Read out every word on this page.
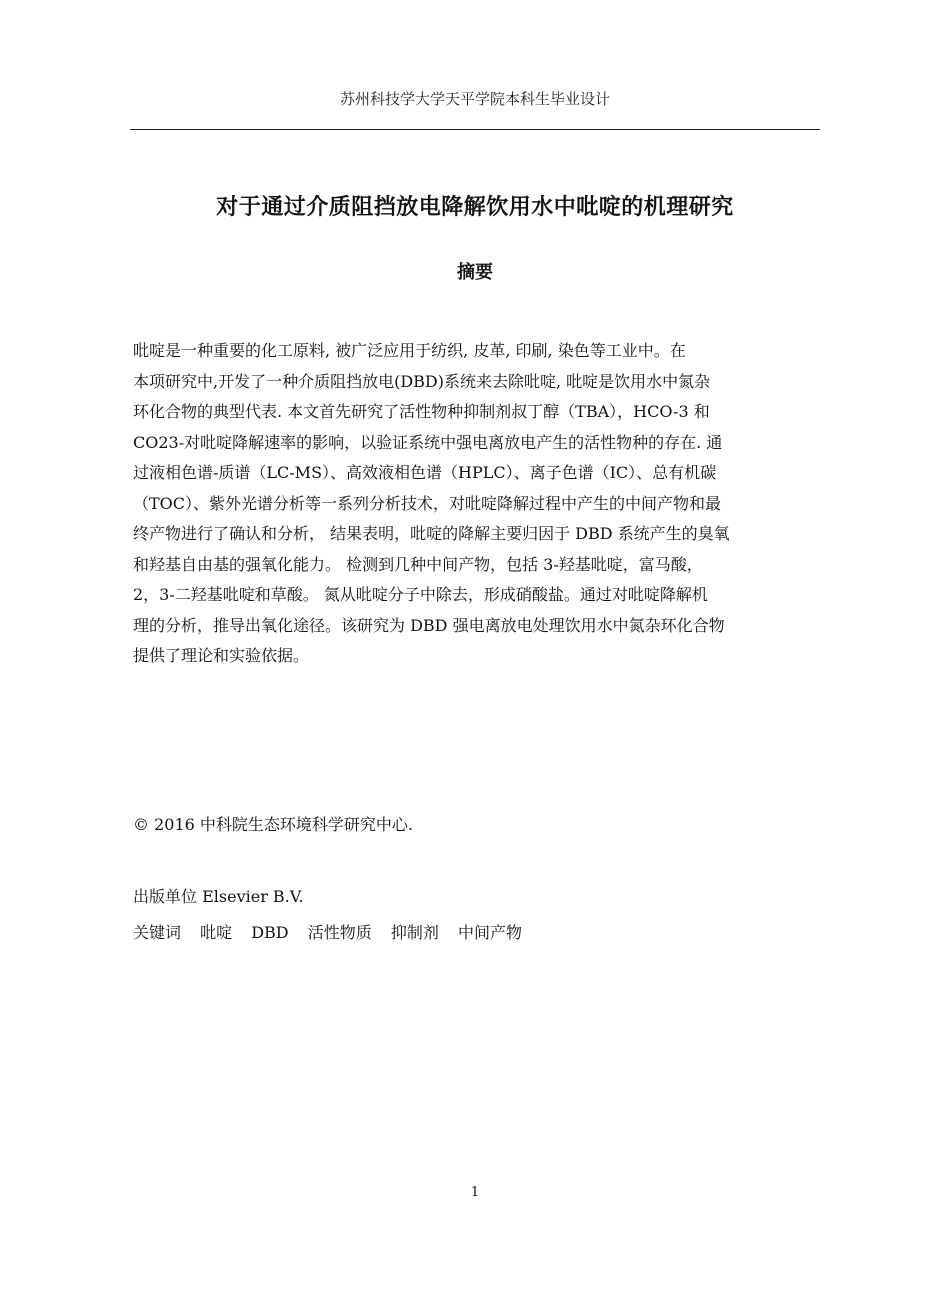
苏州科技学大学天平学院本科生毕业设计
对于通过介质阻挡放电降解饮用水中吡啶的机理研究
摘要

吡啶是一种重要的化工原料, 被广泛应用于纺织, 皮革, 印刷, 染色等工业中。在
本项研究中,开发了一种介质阻挡放电(DBD)系统来去除吡啶, 吡啶是饮用水中氮杂
环化合物的典型代表. 本文首先研究了活性物种抑制剂叔丁醇（TBA），HCO-3 和
CO23-对吡啶降解速率的影响，以验证系统中强电离放电产生的活性物种的存在. 通
过液相色谱-质谱（LC-MS）、高效液相色谱（HPLC）、离子色谱（IC）、总有机碳
（TOC）、紫外光谱分析等一系列分析技术，对吡啶降解过程中产生的中间产物和最
终产物进行了确认和分析， 结果表明，吡啶的降解主要归因于 DBD 系统产生的臭氧
和羟基自由基的强氧化能力。 检测到几种中间产物，包括 3-羟基吡啶，富马酸，
2，3-二羟基吡啶和草酸。 氮从吡啶分子中除去，形成硝酸盐。通过对吡啶降解机
理的分析，推导出氧化途径。该研究为 DBD 强电离放电处理饮用水中氮杂环化合物
提供了理论和实验依据。

© 2016 中科院生态环境科学研究中心.
出版单位 Elsevier B.V.
关键词 吡啶 DBD 活性物质 抑制剂 中间产物
1
